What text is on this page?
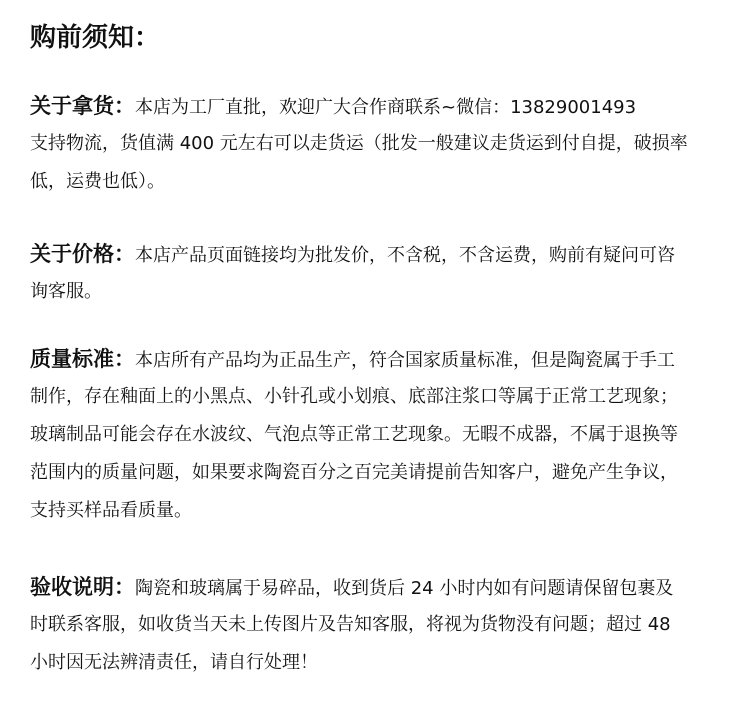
购前须知：
关于拿货：本店为工厂直批，欢迎广大合作商联系~微信：13829001493
支持物流，货值满 400 元左右可以走货运（批发一般建议走货运到付自提，破损率
低，运费也低）。
关于价格：本店产品页面链接均为批发价，不含税，不含运费，购前有疑问可咨
询客服。
质量标准：本店所有产品均为正品生产，符合国家质量标准，但是陶瓷属于手工
制作，存在釉面上的小黑点、小针孔或小划痕、底部注浆口等属于正常工艺现象；
玻璃制品可能会存在水波纹、气泡点等正常工艺现象。无暇不成器，不属于退换等
范围内的质量问题，如果要求陶瓷百分之百完美请提前告知客户，避免产生争议，
支持买样品看质量。
验收说明：陶瓷和玻璃属于易碎品，收到货后 24 小时内如有问题请保留包裹及
时联系客服，如收货当天未上传图片及告知客服，将视为货物没有问题；超过 48
小时因无法辨清责任，请自行处理！
